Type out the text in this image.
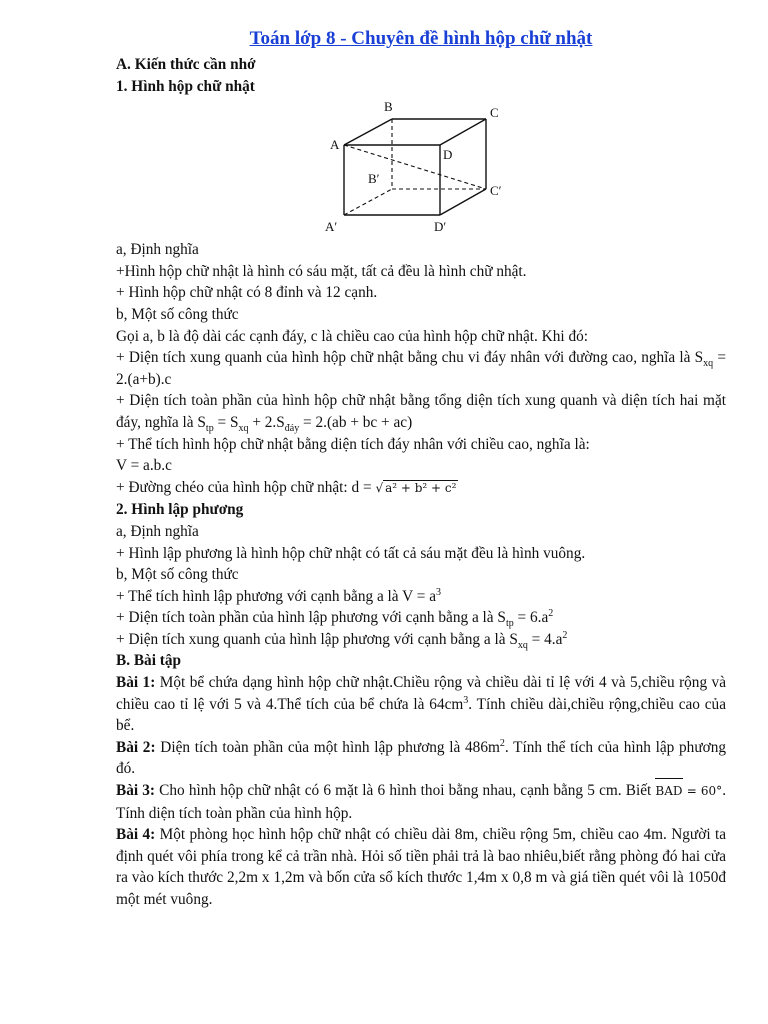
Toán lớp 8 - Chuyên đề hình hộp chữ nhật

A. Kiến thức cần nhớ

1. Hình hộp chữ nhật

A
B	C
D
A′
B′
C′
D′

a, Định nghĩa

+Hình hộp chữ nhật là hình có sáu mặt, tất cả đều là hình chữ nhật.

+ Hình hộp chữ nhật có 8 đỉnh và 12 cạnh.

b, Một số công thức

Gọi a, b là độ dài các cạnh đáy, c là chiều cao của hình hộp chữ nhật. Khi đó:

+ Diện tích xung quanh của hình hộp chữ nhật bằng chu vi đáy nhân với đường cao, nghĩa là $S_{xq} = 2.(a+b).c$

+ Diện tích toàn phần của hình hộp chữ nhật bằng tổng diện tích xung quanh và diện tích hai mặt đáy, nghĩa là $S_{tp} = S_{xq} + 2.S_{đáy} = 2.(ab$ + bc + ac)

+ Thể tích hình hộp chữ nhật bằng diện tích đáy nhân với chiều cao, nghĩa là:

V = a.b.c

+ Đường chéo của hình hộp chữ nhật: d = √ a² + b² + c²

2. Hình lập phương

a, Định nghĩa

+ Hình lập phương là hình hộp chữ nhật có tất cả sáu mặt đều là hình vuông.

b, Một số công thức

+ Thể tích hình lập phương với cạnh bằng a là $V = a^3$

+ Diện tích toàn phần của hình lập phương với cạnh bằng a là $S_{tp} = 6.a^2$

+ Diện tích xung quanh của hình lập phương với cạnh bằng a là $S_{xq} = 4.a^2$

B. Bài tập

Bài 1: Một bể chứa dạng hình hộp chữ nhật.Chiều rộng và chiều dài tỉ lệ với 4 và 5,chiều rộng và chiều cao tỉ lệ với 5 và 4.Thể tích của bể chứa là $64cm^3$. Tính chiều dài,chiều rộng,chiều cao của bể.

Bài 2: Diện tích toàn phần của một hình lập phương là $486m^2$. Tính thể tích của hình lập phương đó.

Bài 3: Cho hình hộp chữ nhật có 6 mặt là 6 hình thoi bằng nhau, cạnh bằng 5 cm. Biết BAD = 60°. Tính diện tích toàn phần của hình hộp.

Bài 4: Một phòng học hình hộp chữ nhật có chiều dài 8m, chiều rộng 5m, chiều cao 4m. Người ta định quét vôi phía trong kể cả trần nhà. Hỏi số tiền phải trả là bao nhiêu,biết rằng phòng đó hai cửa ra vào kích thước 2,2m x 1,2m và bốn cửa sổ kích thước 1,4m x 0,8 m và giá tiền quét vôi là 1050đ một mét vuông.
